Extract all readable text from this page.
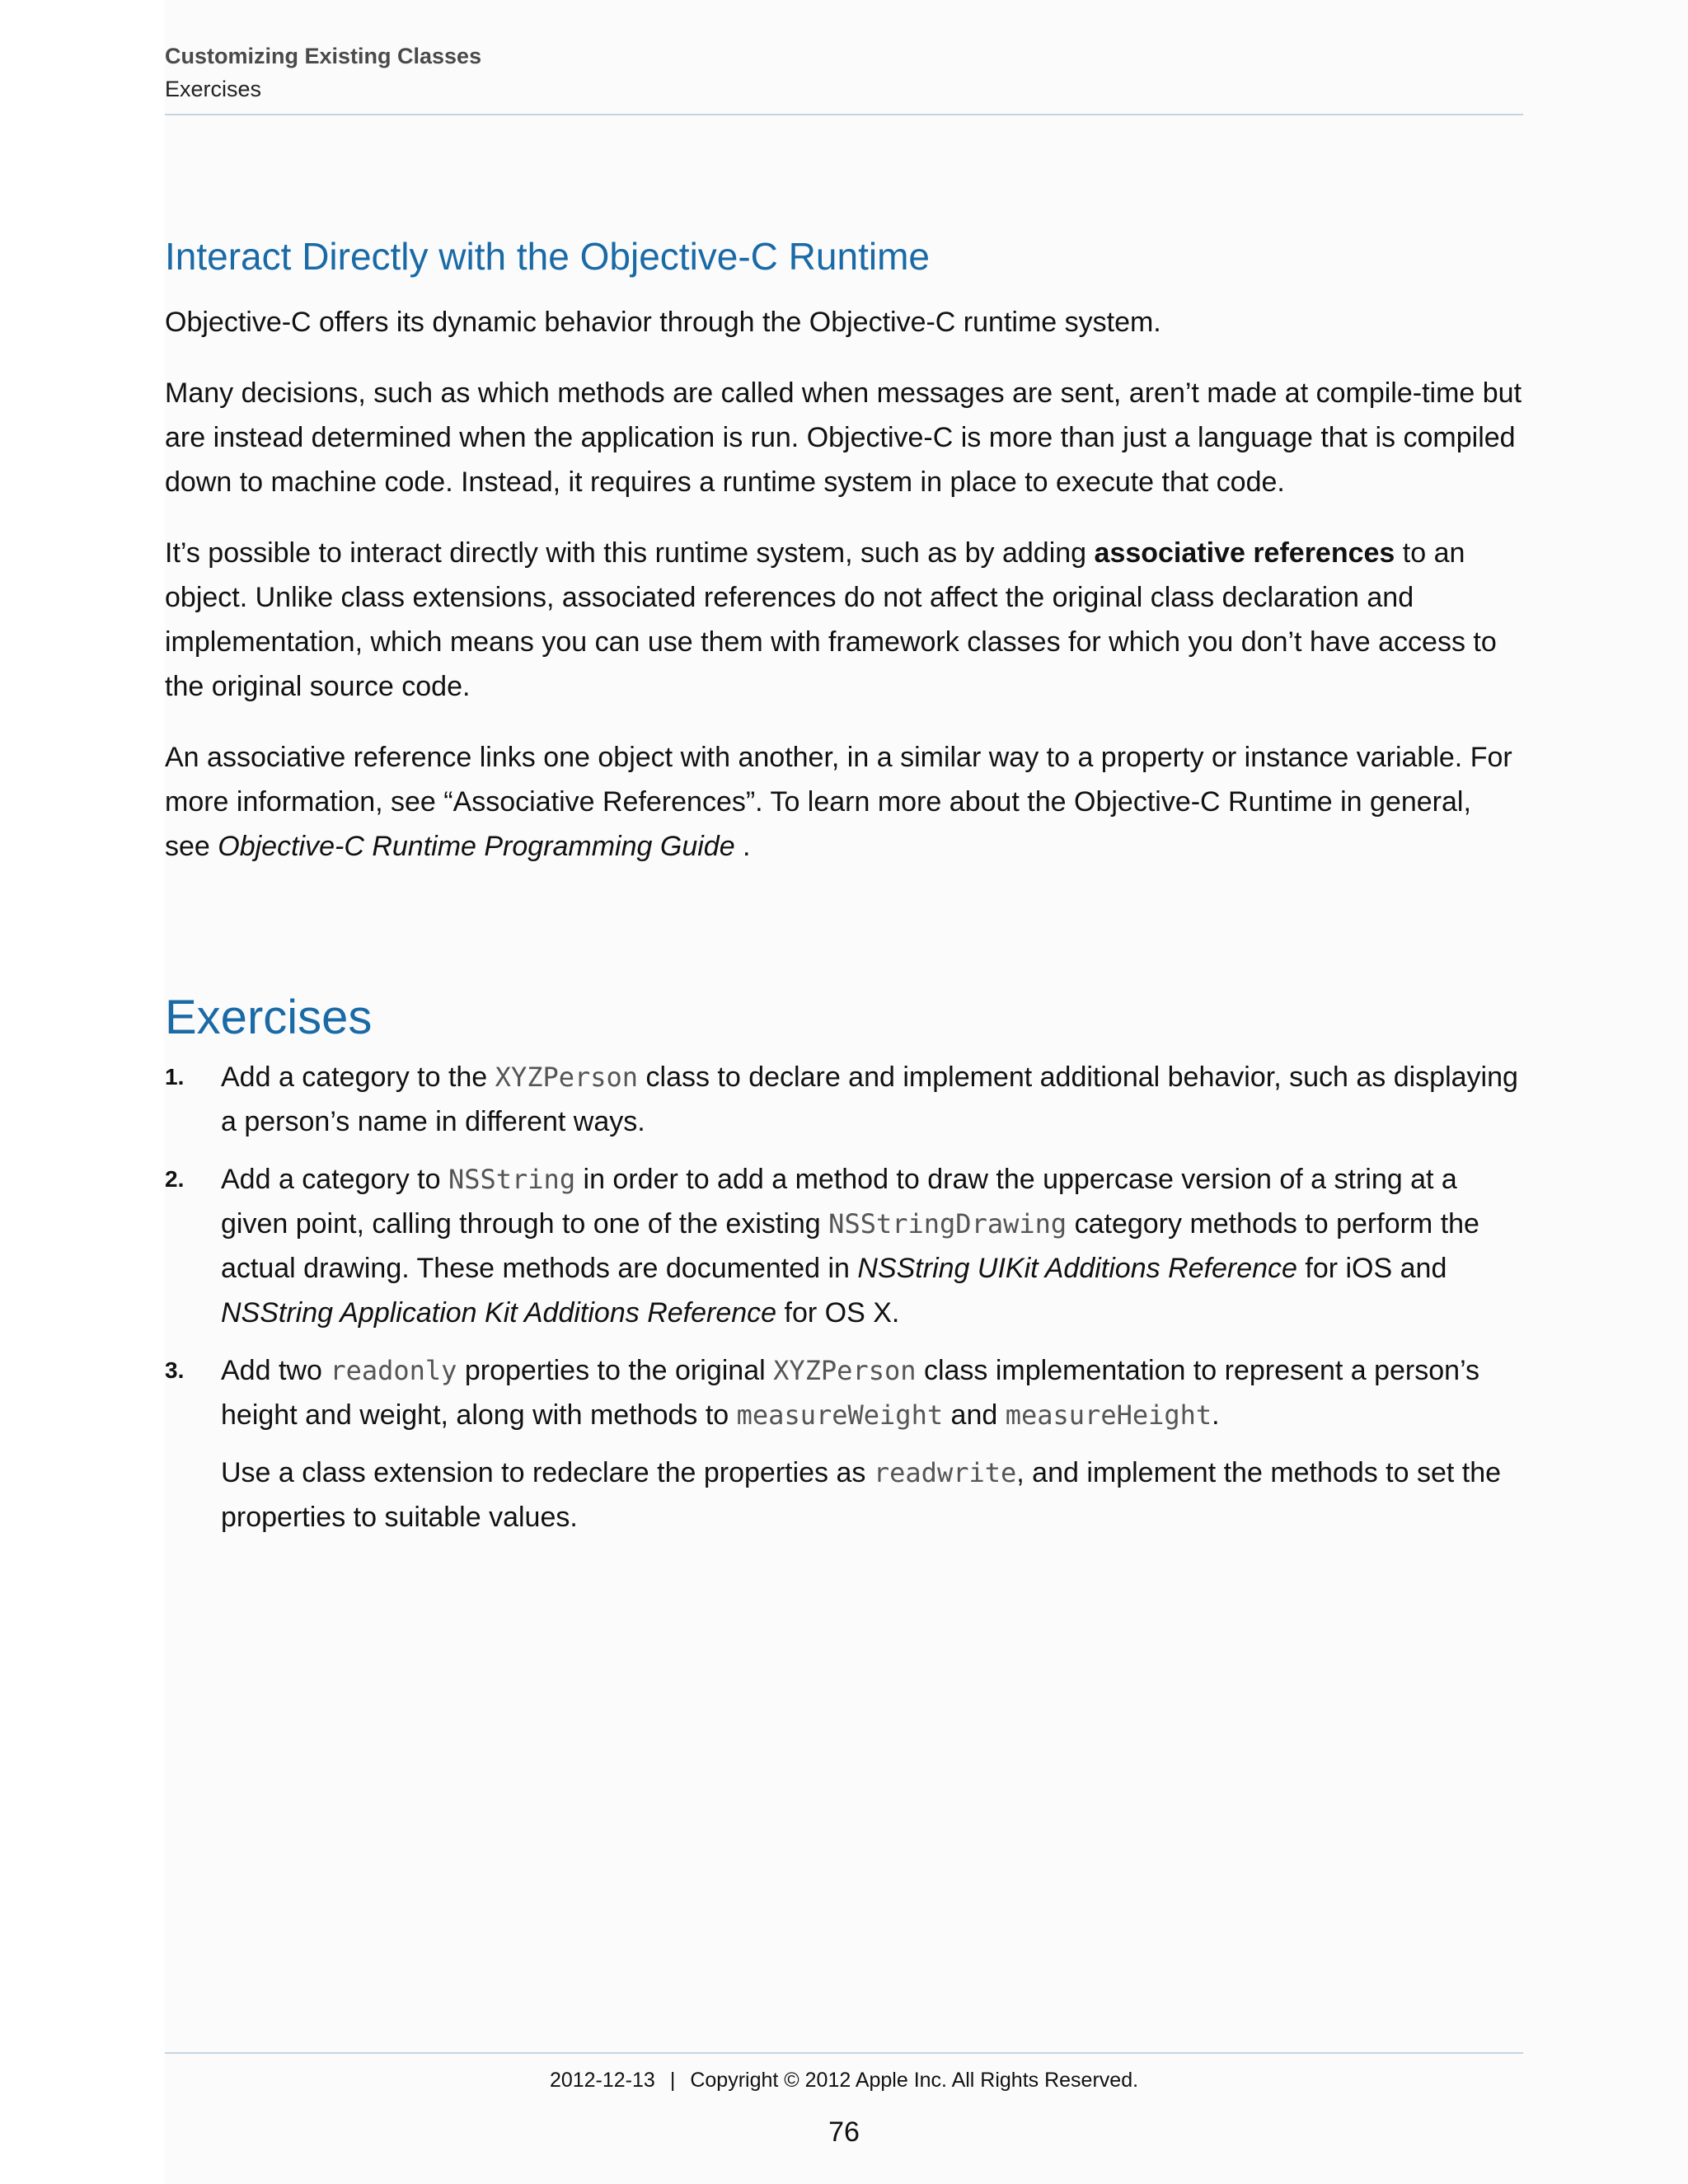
Customizing Existing Classes
Exercises
Interact Directly with the Objective-C Runtime

Objective-C offers its dynamic behavior through the Objective-C runtime system.

Many decisions, such as which methods are called when messages are sent, aren’t made at compile-time but are instead determined when the application is run. Objective-C is more than just a language that is compiled down to machine code. Instead, it requires a runtime system in place to execute that code.

It’s possible to interact directly with this runtime system, such as by adding associative references to an object. Unlike class extensions, associated references do not affect the original class declaration and implementation, which means you can use them with framework classes for which you don’t have access to the original source code.

An associative reference links one object with another, in a similar way to a property or instance variable. For more information, see “Associative References”. To learn more about the Objective-C Runtime in general, see Objective-C Runtime Programming Guide .

Exercises
1. Add a category to the XYZPerson class to declare and implement additional behavior, such as displaying a person’s name in different ways.

2. Add a category to NSString in order to add a method to draw the uppercase version of a string at a given point, calling through to one of the existing NSStringDrawing category methods to perform the actual drawing. These methods are documented in NSString UIKit Additions Reference for iOS and NSString Application Kit Additions Reference for OS X.

3. Add two readonly properties to the original XYZPerson class implementation to represent a person’s height and weight, along with methods to measureWeight and measureHeight.

Use a class extension to redeclare the properties as readwrite, and implement the methods to set the properties to suitable values.

2012-12-13 | Copyright © 2012 Apple Inc. All Rights Reserved.
76
